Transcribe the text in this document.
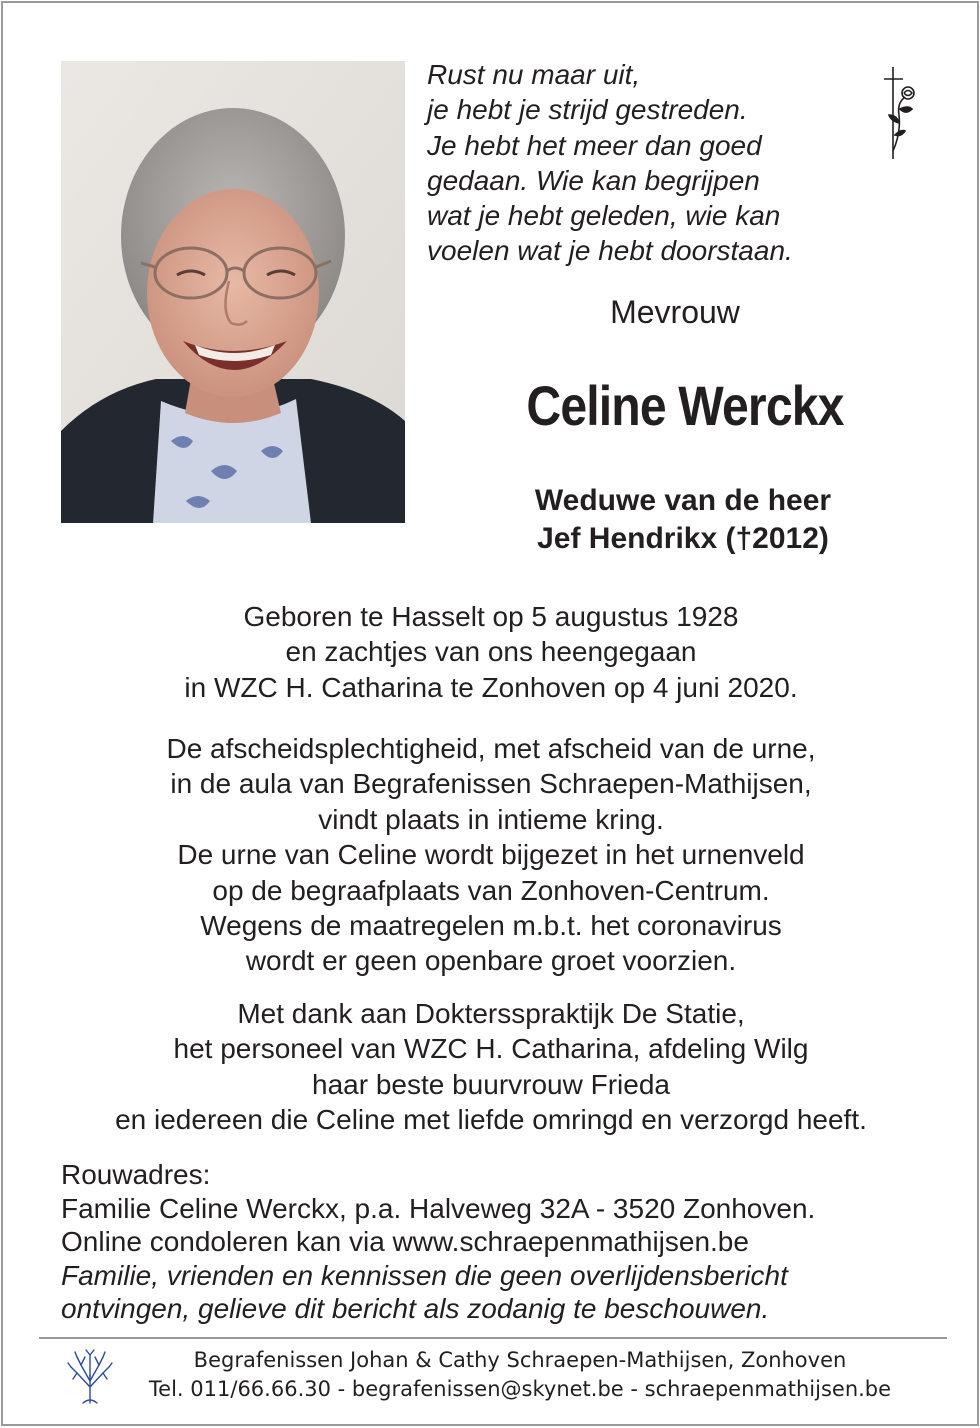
Rust nu maar uit,
je hebt je strijd gestreden.
Je hebt het meer dan goed
gedaan. Wie kan begrijpen
wat je hebt geleden, wie kan
voelen wat je hebt doorstaan.
Mevrouw
Celine Werckx
Weduwe van de heer
Jef Hendrikx (†2012)
Geboren te Hasselt op 5 augustus 1928
en zachtjes van ons heengegaan
in WZC H. Catharina te Zonhoven op 4 juni 2020.
De afscheidsplechtigheid, met afscheid van de urne,
in de aula van Begrafenissen Schraepen-Mathijsen,
vindt plaats in intieme kring.
De urne van Celine wordt bijgezet in het urnenveld
op de begraafplaats van Zonhoven-Centrum.
Wegens de maatregelen m.b.t. het coronavirus
wordt er geen openbare groet voorzien.
Met dank aan Doktersspraktijk De Statie,
het personeel van WZC H. Catharina, afdeling Wilg
haar beste buurvrouw Frieda
en iedereen die Celine met liefde omringd en verzorgd heeft.
Rouwadres:
Familie Celine Werckx, p.a. Halveweg 32A - 3520 Zonhoven.
Online condoleren kan via www.schraepenmathijsen.be
Familie, vrienden en kennissen die geen overlijdensbericht
ontvingen, gelieve dit bericht als zodanig te beschouwen.
Begrafenissen Johan & Cathy Schraepen-Mathijsen, Zonhoven
Tel. 011/66.66.30 - begrafenissen@skynet.be - schraepenmathijsen.be
